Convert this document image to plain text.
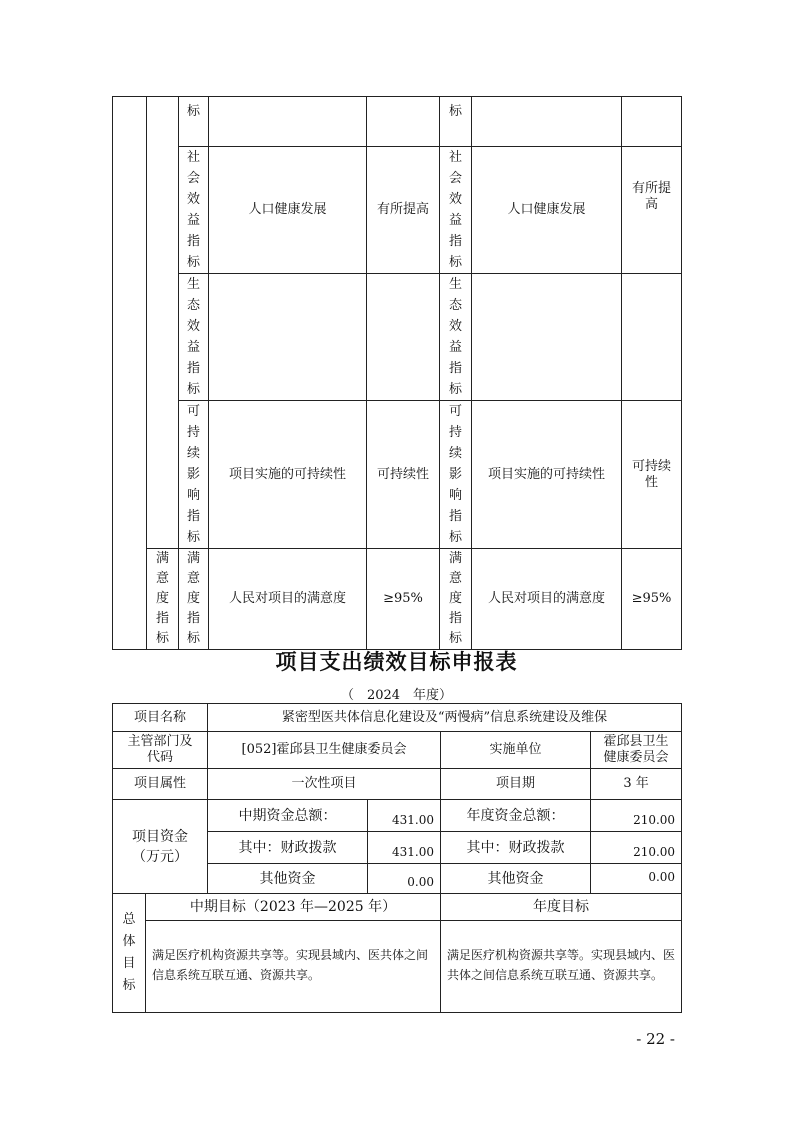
		标			标		
		社会效益指标	人口健康发展	有所提高	社会效益指标	人口健康发展	有所提高
		生态效益指标			生态效益指标		
		可持续影响指标	项目实施的可持续性	可持续性	可持续影响指标	项目实施的可持续性	可持续性
	满意度指标	满意度指标	人民对项目的满意度	≥95%	满意度指标	人民对项目的满意度	≥95%
项目支出绩效目标申报表
（　2024　年度）
项目名称		紧密型医共体信息化建设及“两慢病”信息系统建设及维保			
主管部门及代码		[052]霍邱县卫生健康委员会		实施单位	霍邱县卫生健康委员会
项目属性		一次性项目		项目期	3 年
项目资金（万元）		中期资金总额：	431.00	年度资金总额：	210.00
		其中：财政拨款	431.00	其中：财政拨款	210.00
		其他资金	0.00	其他资金	0.00
总体目标	中期目标（2023 年—2025 年）			年度目标	
	满足医疗机构资源共享等。实现县域内、医共体之间信息系统互联互通、资源共享。			满足医疗机构资源共享等。实现县域内、医共体之间信息系统互联互通、资源共享。	
- 22 -
